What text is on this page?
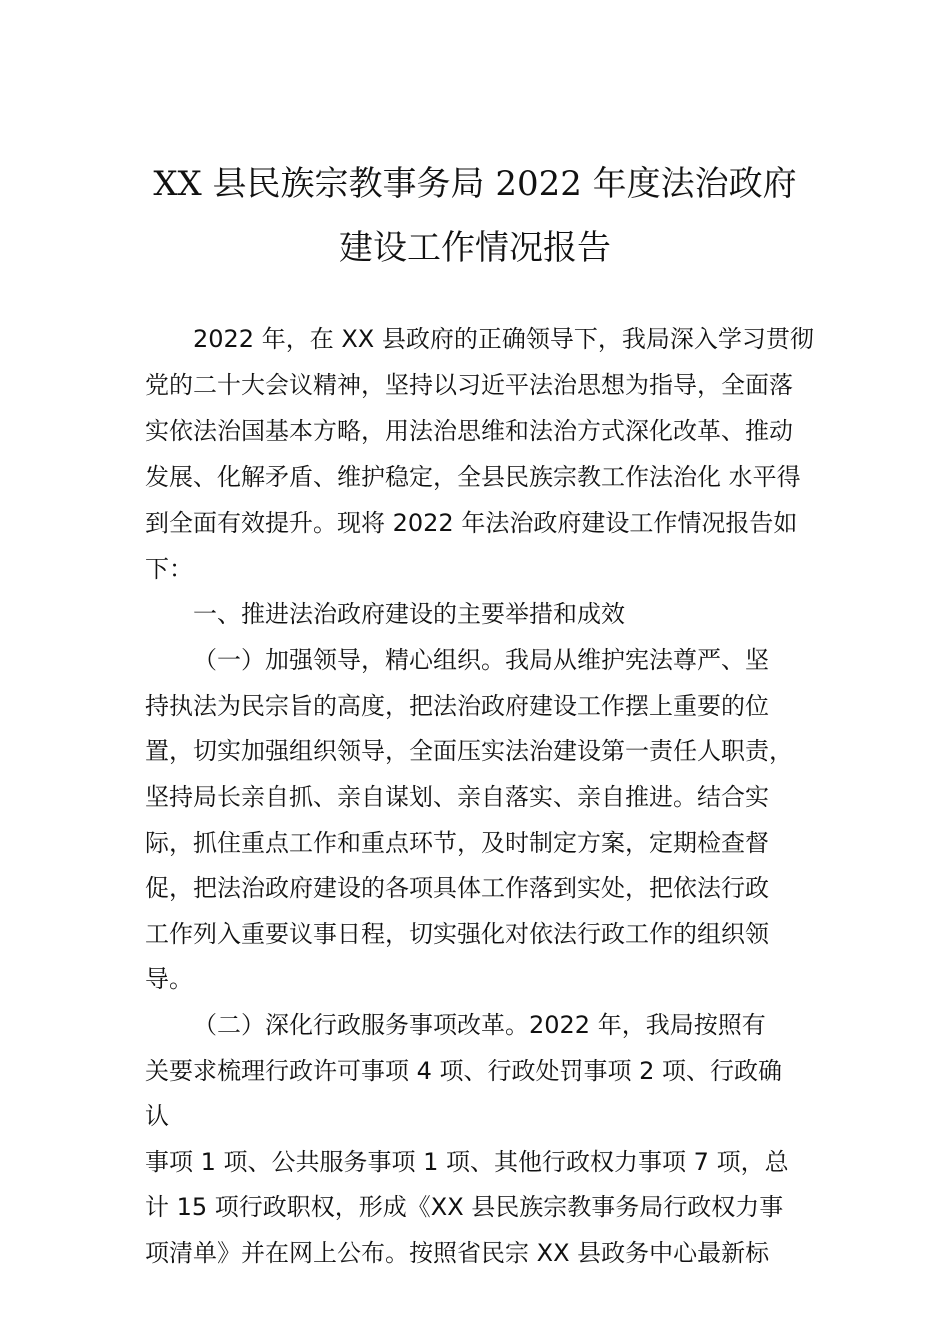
XX 县民族宗教事务局 2022 年度法治政府
建设工作情况报告
2022 年，在 XX 县政府的正确领导下，我局深入学习贯彻
党的二十大会议精神，坚持以习近平法治思想为指导，全面落
实依法治国基本方略，用法治思维和法治方式深化改革、推动
发展、化解矛盾、维护稳定，全县民族宗教工作法治化 水平得
到全面有效提升。现将 2022 年法治政府建设工作情况报告如
下：
一、推进法治政府建设的主要举措和成效
（一）加强领导，精心组织。我局从维护宪法尊严、坚
持执法为民宗旨的高度，把法治政府建设工作摆上重要的位
置，切实加强组织领导，全面压实法治建设第一责任人职责，
坚持局长亲自抓、亲自谋划、亲自落实、亲自推进。结合实
际，抓住重点工作和重点环节，及时制定方案，定期检查督
促，把法治政府建设的各项具体工作落到实处，把依法行政
工作列入重要议事日程，切实强化对依法行政工作的组织领
导。
（二）深化行政服务事项改革。2022 年，我局按照有
关要求梳理行政许可事项 4 项、行政处罚事项 2 项、行政确
认
事项 1 项、公共服务事项 1 项、其他行政权力事项 7 项，总
计 15 项行政职权，形成《XX 县民族宗教事务局行政权力事
项清单》并在网上公布。按照省民宗 XX 县政务中心最新标
